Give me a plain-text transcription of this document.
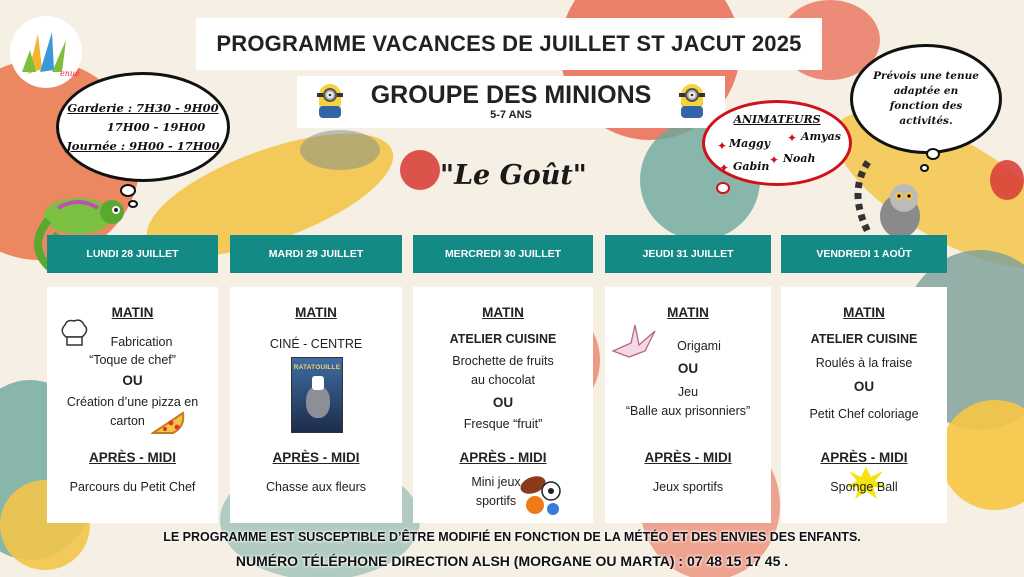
enué
PROGRAMME VACANCES DE JUILLET ST JACUT 2025
GROUPE DES MINIONS
5-7 ANS
"Le Goût"
Garderie : 7H30 - 9H00
17H00 - 19H00
Journée : 9H00 - 17H00
Prévois une tenue adaptée en fonction des activités.
ANIMATEURS
✦ Maggy ✦ Amyas
✦ Gabin ✦ Noah
LUNDI 28 JUILLET	MARDI 29 JUILLET	MERCREDI 30 JUILLET	JEUDI 31 JUILLET	VENDREDI 1 AOÛT
MATIN
Fabrication
“Toque de chef”
OU
Création d’une pizza en
carton
APRÈS - MIDI
Parcours du Petit Chef
MATIN
CINÉ - CENTRE
RATATOUILLE
APRÈS - MIDI
Chasse aux fleurs
MATIN
ATELIER CUISINE
Brochette de fruits
au chocolat
OU
Fresque “fruit”
APRÈS - MIDI
Mini jeux
sportifs
MATIN
Origami
OU
Jeu
“Balle aux prisonniers”
APRÈS - MIDI
Jeux sportifs
MATIN
ATELIER CUISINE
Roulés à la fraise
OU
Petit Chef coloriage
APRÈS - MIDI
Sponge Ball
LE PROGRAMME EST SUSCEPTIBLE D’ÊTRE MODIFIÉ EN FONCTION DE LA MÉTÉO ET DES ENVIES DES ENFANTS.
NUMÉRO TÉLÉPHONE DIRECTION ALSH (MORGANE OU MARTA) : 07 48 15 17 45 .
